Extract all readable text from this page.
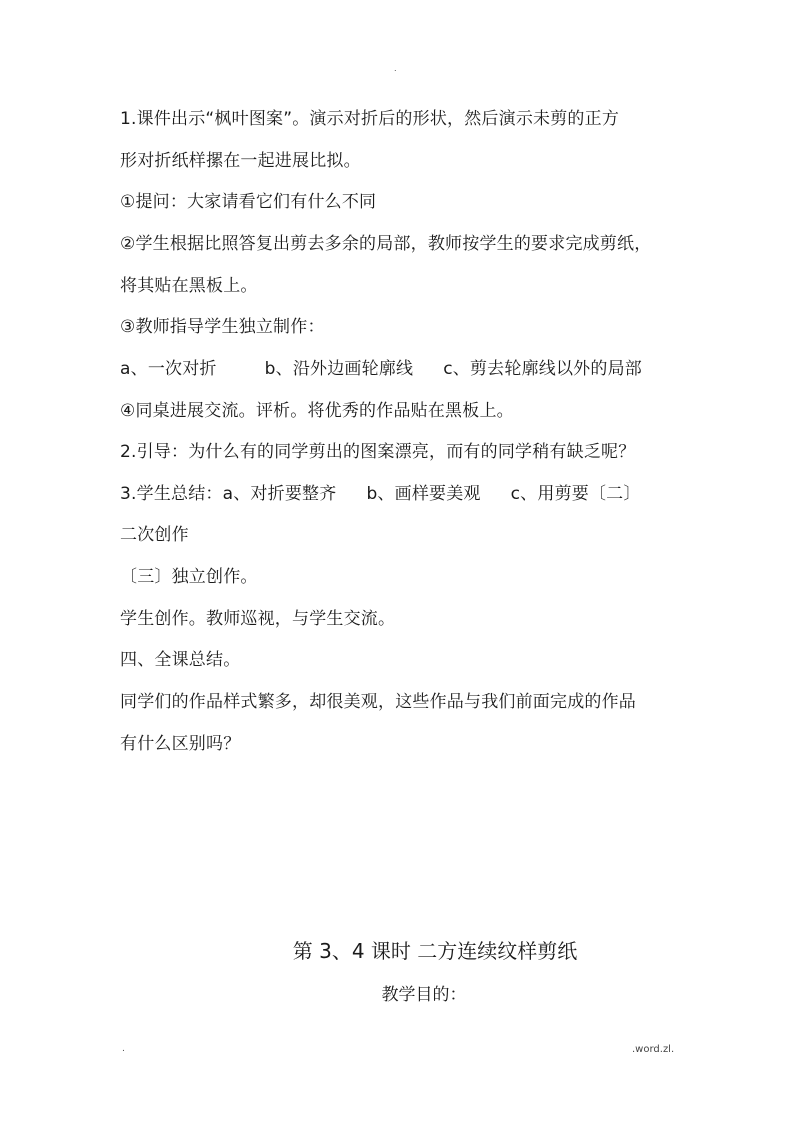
.
1.课件出示“枫叶图案”。演示对折后的形状，然后演示未剪的正方
形对折纸样摞在一起进展比拟。
①提问：大家请看它们有什么不同
②学生根据比照答复出剪去多余的局部，教师按学生的要求完成剪纸，
将其贴在黑板上。
③教师指导学生独立制作：
a、一次对折	b、沿外边画轮廓线 c、剪去轮廓线以外的局部
④同桌进展交流。评析。将优秀的作品贴在黑板上。
2.引导：为什么有的同学剪出的图案漂亮，而有的同学稍有缺乏呢？
3.学生总结：a、对折要整齐 b、画样要美观 c、用剪要〔二〕
二次创作
〔三〕独立创作。
学生创作。教师巡视，与学生交流。
四、全课总结。
同学们的作品样式繁多，却很美观，这些作品与我们前面完成的作品
有什么区别吗？
第 3、4 课时 二方连续纹样剪纸
教学目的：
.	.word.zl.
